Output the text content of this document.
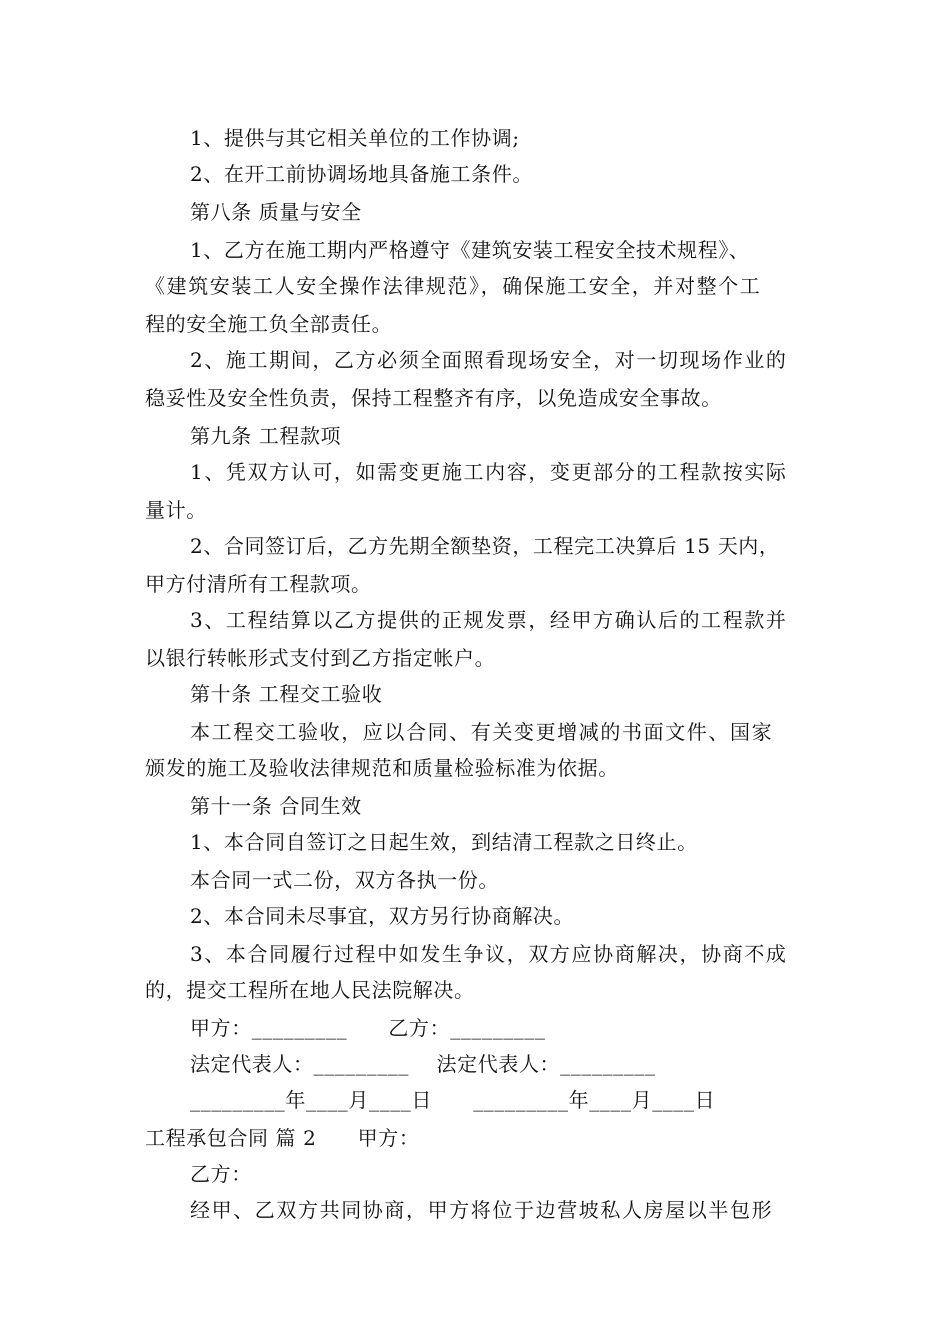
1、提供与其它相关单位的工作协调;
2、在开工前协调场地具备施工条件。
第八条 质量与安全
1、乙方在施工期内严格遵守《建筑安装工程安全技术规程》、
《建筑安装工人安全操作法律规范》，确保施工安全，并对整个工
程的安全施工负全部责任。
2、施工期间，乙方必须全面照看现场安全，对一切现场作业的
稳妥性及安全性负责，保持工程整齐有序，以免造成安全事故。
第九条 工程款项
1、凭双方认可，如需变更施工内容，变更部分的工程款按实际
量计。
2、合同签订后，乙方先期全额垫资，工程完工决算后 15 天内，
甲方付清所有工程款项。
3、工程结算以乙方提供的正规发票，经甲方确认后的工程款并
以银行转帐形式支付到乙方指定帐户。
第十条 工程交工验收
本工程交工验收，应以合同、有关变更增减的书面文件、国家
颁发的施工及验收法律规范和质量检验标准为依据。
第十一条 合同生效
1、本合同自签订之日起生效，到结清工程款之日终止。
本合同一式二份，双方各执一份。
2、本合同未尽事宜，双方另行协商解决。
3、本合同履行过程中如发生争议，双方应协商解决，协商不成
的，提交工程所在地人民法院解决。
甲方：_________　　乙方：_________
法定代表人：_________　 法定代表人：_________
_________年____月____日　　_________年____月____日
工程承包合同 篇 2　　甲方：
乙方：
经甲、乙双方共同协商，甲方将位于边营坡私人房屋以半包形
